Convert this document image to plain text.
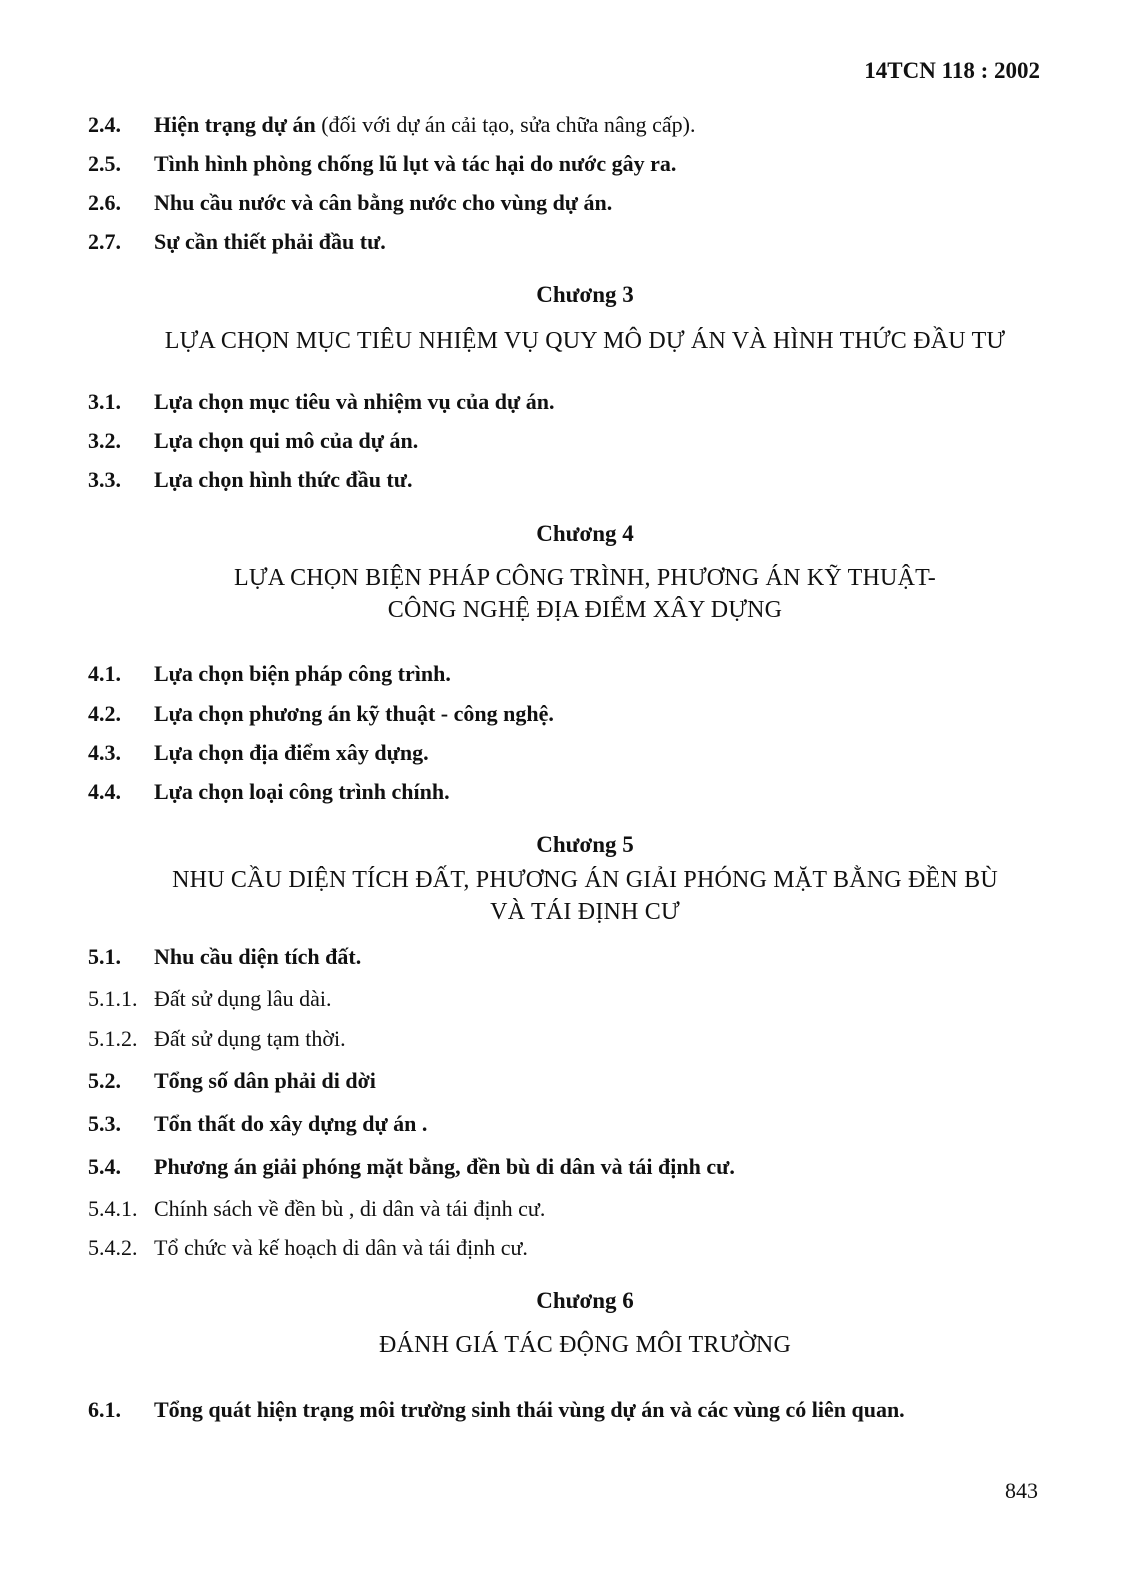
14TCN 118 : 2002
2.4. Hiện trạng dự án (đối với dự án cải tạo, sửa chữa nâng cấp).
2.5. Tình hình phòng chống lũ lụt và tác hại do nước gây ra.
2.6. Nhu cầu nước và cân bằng nước cho vùng dự án.
2.7. Sự cần thiết phải đầu tư.
Chương 3
LỰA CHỌN MỤC TIÊU NHIỆM VỤ QUY MÔ DỰ ÁN VÀ HÌNH THỨC ĐẦU TƯ
3.1. Lựa chọn mục tiêu và nhiệm vụ của dự án.
3.2. Lựa chọn qui mô của dự án.
3.3. Lựa chọn hình thức đầu tư.
Chương 4
LỰA CHỌN BIỆN PHÁP CÔNG TRÌNH, PHƯƠNG ÁN KỸ THUẬT-
CÔNG NGHỆ ĐỊA ĐIỂM XÂY DỰNG
4.1. Lựa chọn biện pháp công trình.
4.2. Lựa chọn phương án kỹ thuật - công nghệ.
4.3. Lựa chọn địa điểm xây dựng.
4.4. Lựa chọn loại công trình chính.
Chương 5
NHU CẦU DIỆN TÍCH ĐẤT, PHƯƠNG ÁN GIẢI PHÓNG MẶT BẰNG ĐỀN BÙ
VÀ TÁI ĐỊNH CƯ
5.1. Nhu cầu diện tích đất.
5.1.1. Đất sử dụng lâu dài.
5.1.2. Đất sử dụng tạm thời.
5.2. Tổng số dân phải di dời
5.3. Tổn thất do xây dựng dự án .
5.4. Phương án giải phóng mặt bằng, đền bù di dân và tái định cư.
5.4.1. Chính sách về đền bù , di dân và tái định cư.
5.4.2. Tổ chức và kế hoạch di dân và tái định cư.
Chương 6
ĐÁNH GIÁ TÁC ĐỘNG MÔI TRƯỜNG
6.1. Tổng quát hiện trạng môi trường sinh thái vùng dự án và các vùng có liên quan.
843
